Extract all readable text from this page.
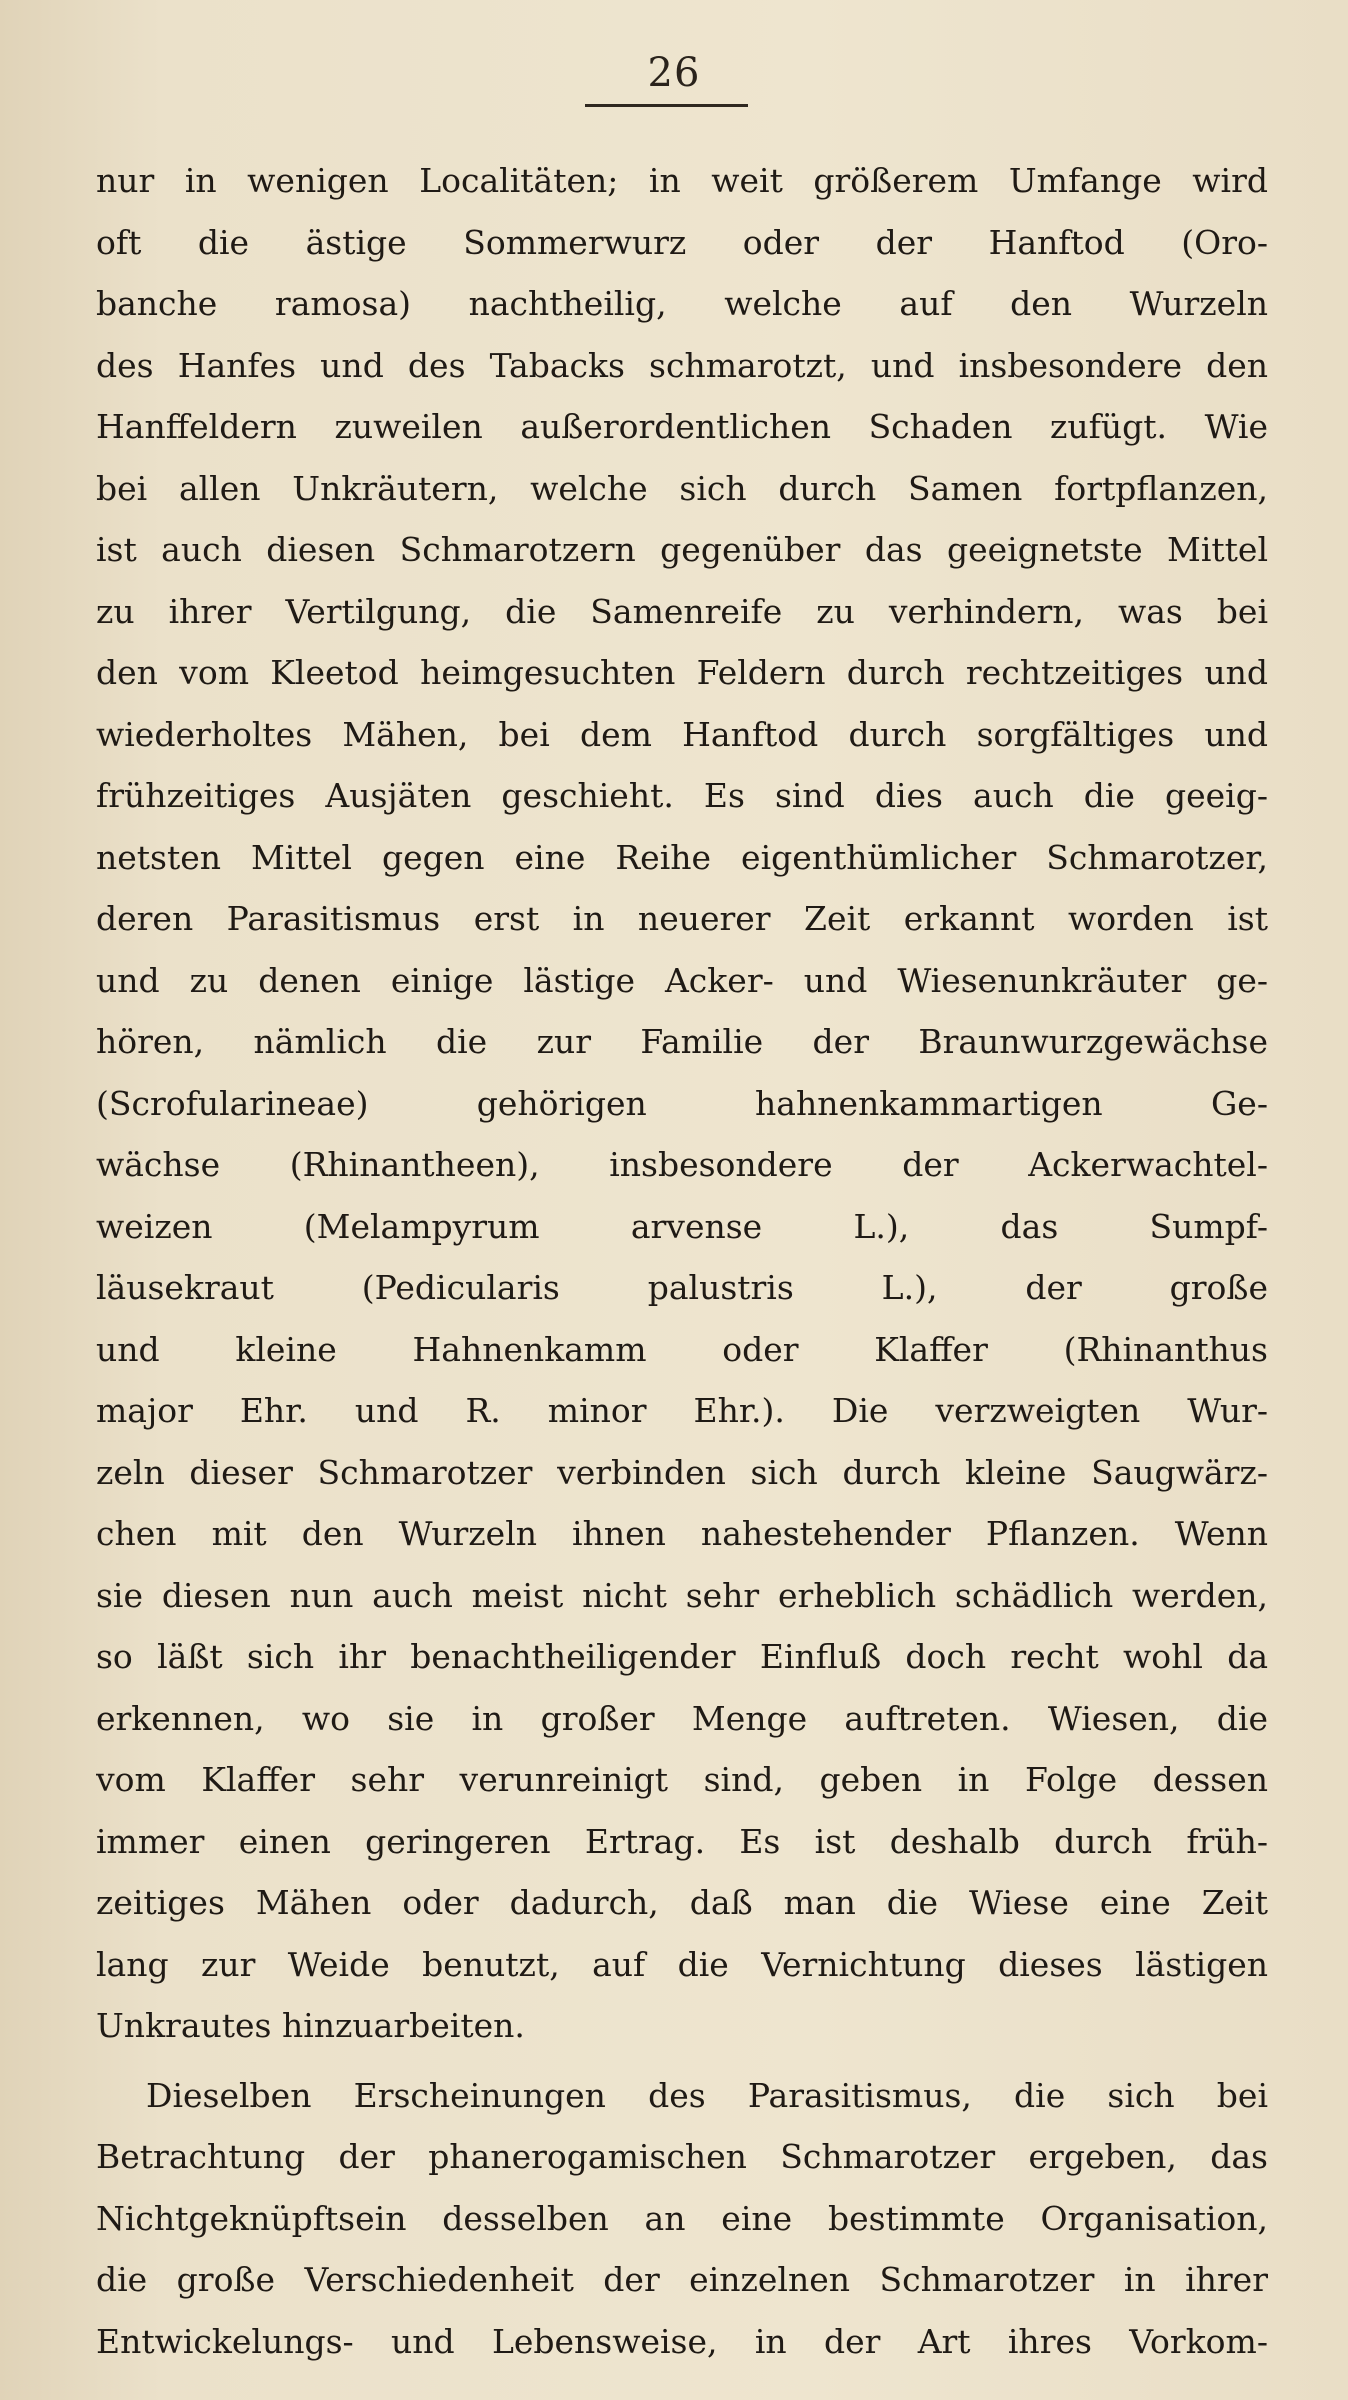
26
nur in wenigen Localitäten; in weit größerem Umfange wird
oft die ästige Sommerwurz oder der Hanftod (Oro-
banche ramosa) nachtheilig, welche auf den Wurzeln
des Hanfes und des Tabacks schmarotzt, und insbesondere den
Hanffeldern zuweilen außerordentlichen Schaden zufügt. Wie
bei allen Unkräutern, welche sich durch Samen fortpflanzen,
ist auch diesen Schmarotzern gegenüber das geeignetste Mittel
zu ihrer Vertilgung, die Samenreife zu verhindern, was bei
den vom Kleetod heimgesuchten Feldern durch rechtzeitiges und
wiederholtes Mähen, bei dem Hanftod durch sorgfältiges und
frühzeitiges Ausjäten geschieht. Es sind dies auch die geeig-
netsten Mittel gegen eine Reihe eigenthümlicher Schmarotzer,
deren Parasitismus erst in neuerer Zeit erkannt worden ist
und zu denen einige lästige Acker- und Wiesenunkräuter ge-
hören, nämlich die zur Familie der Braunwurzgewächse
(Scrofularineae) gehörigen hahnenkammartigen Ge-
wächse (Rhinantheen), insbesondere der Ackerwachtel-
weizen (Melampyrum arvense L.), das Sumpf-
läusekraut (Pedicularis palustris L.), der große
und kleine Hahnenkamm oder Klaffer (Rhinanthus
major Ehr. und R. minor Ehr.). Die verzweigten Wur-
zeln dieser Schmarotzer verbinden sich durch kleine Saugwärz-
chen mit den Wurzeln ihnen nahestehender Pflanzen. Wenn
sie diesen nun auch meist nicht sehr erheblich schädlich werden,
so läßt sich ihr benachtheiligender Einfluß doch recht wohl da
erkennen, wo sie in großer Menge auftreten. Wiesen, die
vom Klaffer sehr verunreinigt sind, geben in Folge dessen
immer einen geringeren Ertrag. Es ist deshalb durch früh-
zeitiges Mähen oder dadurch, daß man die Wiese eine Zeit
lang zur Weide benutzt, auf die Vernichtung dieses lästigen
Unkrautes hinzuarbeiten.
Dieselben Erscheinungen des Parasitismus, die sich bei
Betrachtung der phanerogamischen Schmarotzer ergeben, das
Nichtgeknüpftsein desselben an eine bestimmte Organisation,
die große Verschiedenheit der einzelnen Schmarotzer in ihrer
Entwickelungs- und Lebensweise, in der Art ihres Vorkom-
